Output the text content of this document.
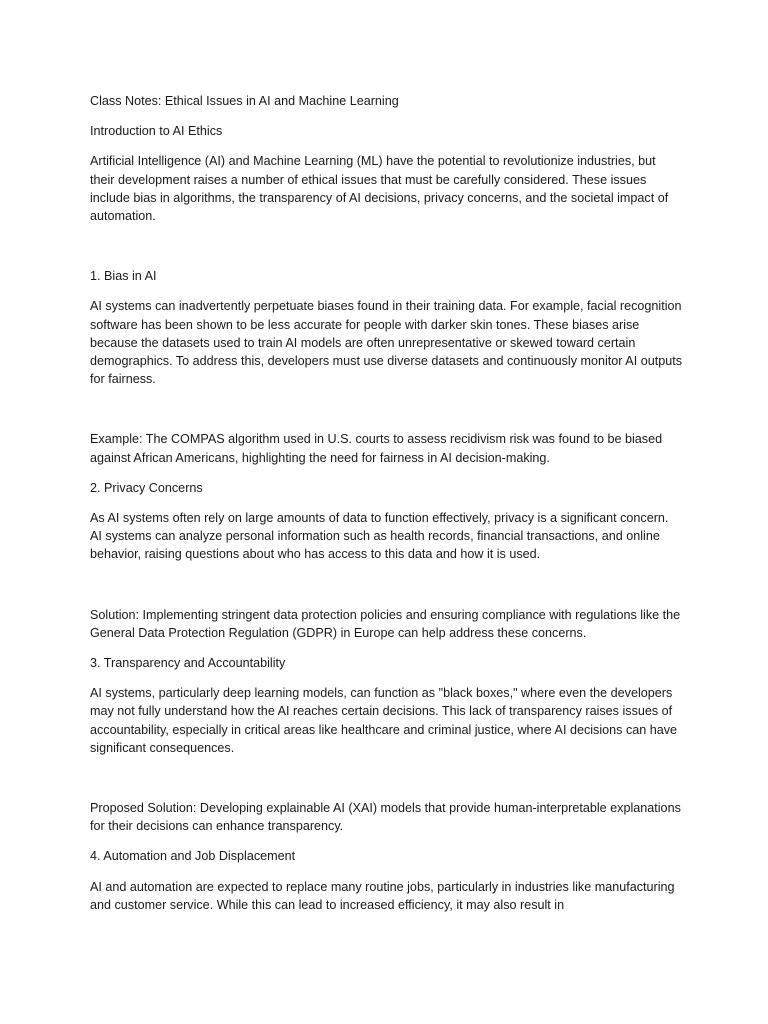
Class Notes: Ethical Issues in AI and Machine Learning

Introduction to AI Ethics

Artificial Intelligence (AI) and Machine Learning (ML) have the potential to revolutionize industries, but their development raises a number of ethical issues that must be carefully considered. These issues include bias in algorithms, the transparency of AI decisions, privacy concerns, and the societal impact of automation.

1. Bias in AI

AI systems can inadvertently perpetuate biases found in their training data. For example, facial recognition software has been shown to be less accurate for people with darker skin tones. These biases arise because the datasets used to train AI models are often unrepresentative or skewed toward certain demographics. To address this, developers must use diverse datasets and continuously monitor AI outputs for fairness.

Example: The COMPAS algorithm used in U.S. courts to assess recidivism risk was found to be biased against African Americans, highlighting the need for fairness in AI decision-making.

2. Privacy Concerns

As AI systems often rely on large amounts of data to function effectively, privacy is a significant concern. AI systems can analyze personal information such as health records, financial transactions, and online behavior, raising questions about who has access to this data and how it is used.

Solution: Implementing stringent data protection policies and ensuring compliance with regulations like the General Data Protection Regulation (GDPR) in Europe can help address these concerns.

3. Transparency and Accountability

AI systems, particularly deep learning models, can function as "black boxes," where even the developers may not fully understand how the AI reaches certain decisions. This lack of transparency raises issues of accountability, especially in critical areas like healthcare and criminal justice, where AI decisions can have significant consequences.

Proposed Solution: Developing explainable AI (XAI) models that provide human-interpretable explanations for their decisions can enhance transparency.

4. Automation and Job Displacement

AI and automation are expected to replace many routine jobs, particularly in industries like manufacturing and customer service. While this can lead to increased efficiency, it may also result in
